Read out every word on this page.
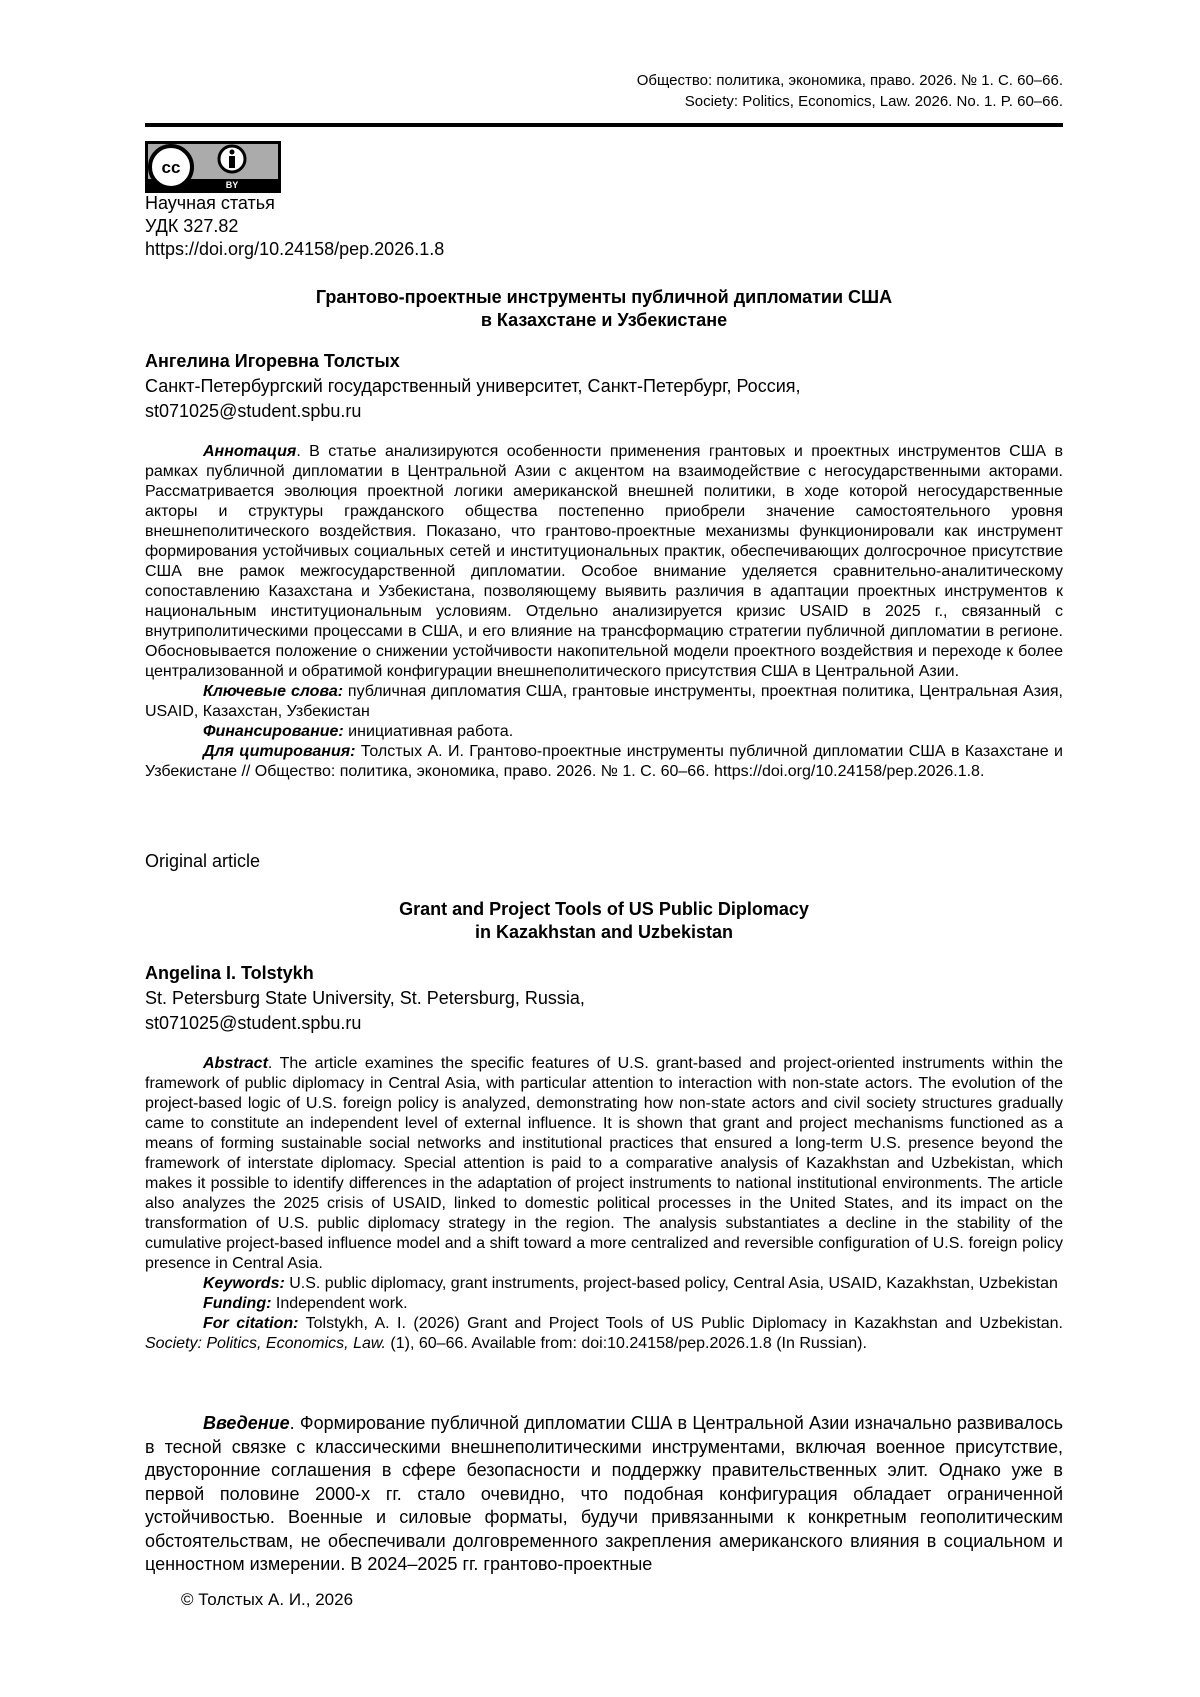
Общество: политика, экономика, право. 2026. № 1. С. 60–66.
Society: Politics, Economics, Law. 2026. No. 1. P. 60–66.
cc
BY
Научная статья
УДК 327.82
https://doi.org/10.24158/pep.2026.1.8
Грантово-проектные инструменты публичной дипломатии США
в Казахстане и Узбекистане
Ангелина Игоревна Толстых
Санкт-Петербургский государственный университет, Санкт-Петербург, Россия,
st071025@student.spbu.ru

Аннотация. В статье анализируются особенности применения грантовых и проектных инструментов США в рамках публичной дипломатии в Центральной Азии с акцентом на взаимодействие с негосударственными акторами. Рассматривается эволюция проектной логики американской внешней политики, в ходе которой негосударственные акторы и структуры гражданского общества постепенно приобрели значение самостоятельного уровня внешнеполитического воздействия. Показано, что грантово-проектные механизмы функционировали как инструмент формирования устойчивых социальных сетей и институциональных практик, обеспечивающих долгосрочное присутствие США вне рамок межгосударственной дипломатии. Особое внимание уделяется сравнительно-аналитическому сопоставлению Казахстана и Узбекистана, позволяющему выявить различия в адаптации проектных инструментов к национальным институциональным условиям. Отдельно анализируется кризис USAID в 2025 г., связанный с внутриполитическими процессами в США, и его влияние на трансформацию стратегии публичной дипломатии в регионе. Обосновывается положение о снижении устойчивости накопительной модели проектного воздействия и переходе к более централизованной и обратимой конфигурации внешнеполитического присутствия США в Центральной Азии.

Ключевые слова: публичная дипломатия США, грантовые инструменты, проектная политика, Центральная Азия, USAID, Казахстан, Узбекистан

Финансирование: инициативная работа.

Для цитирования: Толстых А. И. Грантово-проектные инструменты публичной дипломатии США в Казахстане и Узбекистане // Общество: политика, экономика, право. 2026. № 1. С. 60–66. https://doi.org/10.24158/pep.2026.1.8.

Original article
Grant and Project Tools of US Public Diplomacy
in Kazakhstan and Uzbekistan
Angelina I. Tolstykh
St. Petersburg State University, St. Petersburg, Russia,
st071025@student.spbu.ru

Abstract. The article examines the specific features of U.S. grant-based and project-oriented instruments within the framework of public diplomacy in Central Asia, with particular attention to interaction with non-state actors. The evolution of the project-based logic of U.S. foreign policy is analyzed, demonstrating how non-state actors and civil society structures gradually came to constitute an independent level of external influence. It is shown that grant and project mechanisms functioned as a means of forming sustainable social networks and institutional practices that ensured a long-term U.S. presence beyond the framework of interstate diplomacy. Special attention is paid to a comparative analysis of Kazakhstan and Uzbekistan, which makes it possible to identify differences in the adaptation of project instruments to national institutional environments. The article also analyzes the 2025 crisis of USAID, linked to domestic political processes in the United States, and its impact on the transformation of U.S. public diplomacy strategy in the region. The analysis substantiates a decline in the stability of the cumulative project-based influence model and a shift toward a more centralized and reversible configuration of U.S. foreign policy presence in Central Asia.

Keywords: U.S. public diplomacy, grant instruments, project-based policy, Central Asia, USAID, Kazakhstan, Uzbekistan

Funding: Independent work.

For citation: Tolstykh, A. I. (2026) Grant and Project Tools of US Public Diplomacy in Kazakhstan and Uzbekistan. Society: Politics, Economics, Law. (1), 60–66. Available from: doi:10.24158/pep.2026.1.8 (In Russian).

Введение. Формирование публичной дипломатии США в Центральной Азии изначально развивалось в тесной связке с классическими внешнеполитическими инструментами, включая военное присутствие, двусторонние соглашения в сфере безопасности и поддержку правительственных элит. Однако уже в первой половине 2000-х гг. стало очевидно, что подобная конфигурация обладает ограниченной устойчивостью. Военные и силовые форматы, будучи привязанными к конкретным геополитическим обстоятельствам, не обеспечивали долговременного закрепления американского влияния в социальном и ценностном измерении. В 2024–2025 гг. грантово-проектные

© Толстых А. И., 2026
